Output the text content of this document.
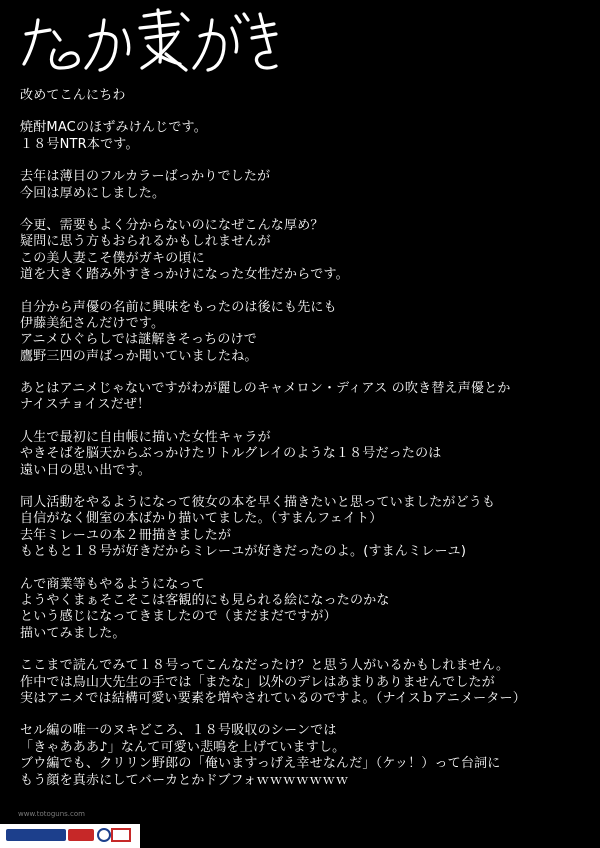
改めてこんにちわ
焼酎MACのほずみけんじです。
１８号NTR本です。
去年は薄目のフルカラーばっかりでしたが
今回は厚めにしました。
今更、需要もよく分からないのになぜこんな厚め？
疑問に思う方もおられるかもしれませんが
この美人妻こそ僕がガキの頃に
道を大きく踏み外すきっかけになった女性だからです。
自分から声優の名前に興味をもったのは後にも先にも
伊藤美紀さんだけです。
アニメひぐらしでは謎解きそっちのけで
鷹野三四の声ばっか聞いていましたね。
あとはアニメじゃないですがわが麗しのキャメロン・ディアス の吹き替え声優とか
ナイスチョイスだぜ！
人生で最初に自由帳に描いた女性キャラが
やきそばを脳天からぶっかけたリトルグレイのような１８号だったのは
遠い日の思い出です。
同人活動をやるようになって彼女の本を早く描きたいと思っていましたがどうも
自信がなく側室の本ばかり描いてました。（すまんフェイト）
去年ミレーユの本２冊描きましたが
もともと１８号が好きだからミレーユが好きだったのよ。(すまんミレーユ)
んで商業等もやるようになって
ようやくまぁそこそこは客観的にも見られる絵になったのかな
という感じになってきましたので（まだまだですが）
描いてみました。
ここまで読んでみて１８号ってこんなだったけ？と思う人がいるかもしれません。
作中では鳥山大先生の手では「またな」以外のデレはあまりありませんでしたが
実はアニメでは結構可愛い要素を増やされているのですよ。（ナイスｂアニメーター）
セル編の唯一のヌキどころ、１８号吸収のシーンでは
「きゃあああ♪」なんて可愛い悲鳴を上げていますし。
ブウ編でも、クリリン野郎の「俺いますっげえ幸せなんだ」（ケッ！）って台詞に
もう顔を真赤にしてバーカとかドブフォｗｗｗｗｗｗｗ
www.totoguns.com
